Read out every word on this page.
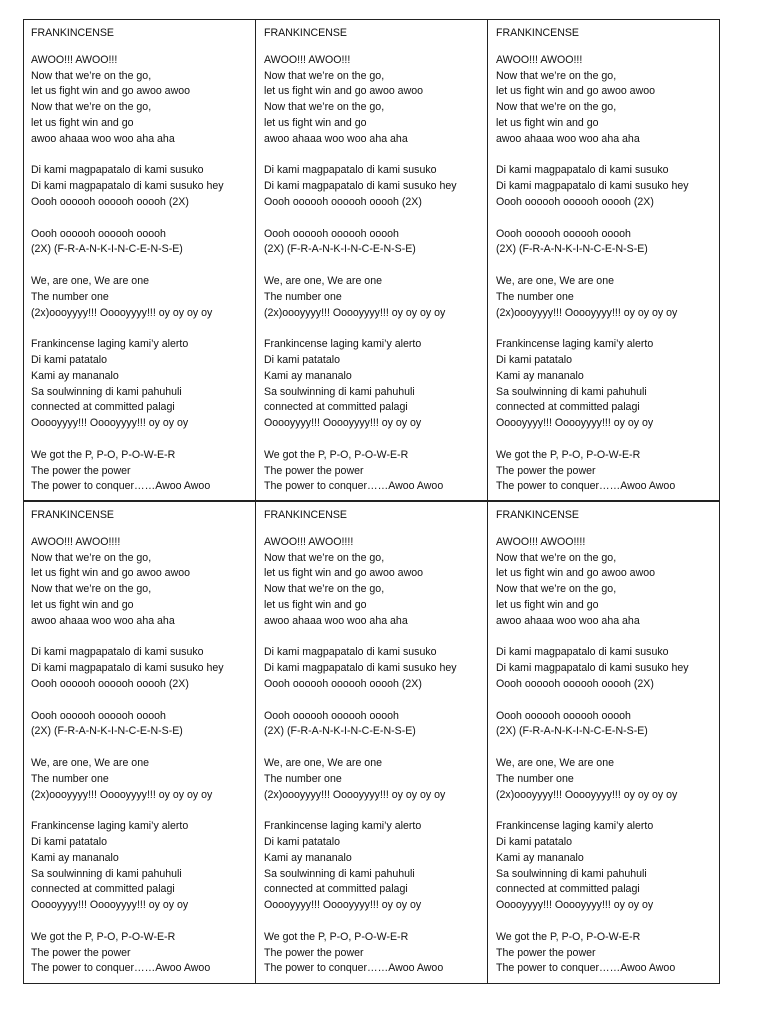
FRANKINCENSE
AWOO!!! AWOO!!!
Now that we’re on the go,
let us fight win and go awoo awoo
Now that we’re on the go,
let us fight win and go
awoo ahaaa woo woo aha aha
Di kami magpapatalo di kami susuko
Di kami magpapatalo di kami susuko hey
Oooh oooooh oooooh ooooh (2X)
Oooh oooooh oooooh ooooh
(2X) (F-R-A-N-K-I-N-C-E-N-S-E)
We, are one, We are one
The number one
(2x)oooyyyy!!! Ooooyyyy!!! oy oy oy oy
Frankincense laging kami’y alerto
Di kami patatalo
Kami ay mananalo
Sa soulwinning di kami pahuhuli
connected at committed palagi
Ooooyyyy!!! Ooooyyyy!!! oy oy oy
We got the P, P-O, P-O-W-E-R
The power the power
The power to conquer……Awoo Awoo
FRANKINCENSE
AWOO!!! AWOO!!!
Now that we’re on the go,
let us fight win and go awoo awoo
Now that we’re on the go,
let us fight win and go
awoo ahaaa woo woo aha aha
Di kami magpapatalo di kami susuko
Di kami magpapatalo di kami susuko hey
Oooh oooooh oooooh ooooh (2X)
Oooh oooooh oooooh ooooh
(2X) (F-R-A-N-K-I-N-C-E-N-S-E)
We, are one, We are one
The number one
(2x)oooyyyy!!! Ooooyyyy!!! oy oy oy oy
Frankincense laging kami’y alerto
Di kami patatalo
Kami ay mananalo
Sa soulwinning di kami pahuhuli
connected at committed palagi
Ooooyyyy!!! Ooooyyyy!!! oy oy oy
We got the P, P-O, P-O-W-E-R
The power the power
The power to conquer……Awoo Awoo
FRANKINCENSE
AWOO!!! AWOO!!!
Now that we’re on the go,
let us fight win and go awoo awoo
Now that we’re on the go,
let us fight win and go
awoo ahaaa woo woo aha aha
Di kami magpapatalo di kami susuko
Di kami magpapatalo di kami susuko hey
Oooh oooooh oooooh ooooh (2X)
Oooh oooooh oooooh ooooh
(2X) (F-R-A-N-K-I-N-C-E-N-S-E)
We, are one, We are one
The number one
(2x)oooyyyy!!! Ooooyyyy!!! oy oy oy oy
Frankincense laging kami’y alerto
Di kami patatalo
Kami ay mananalo
Sa soulwinning di kami pahuhuli
connected at committed palagi
Ooooyyyy!!! Ooooyyyy!!! oy oy oy
We got the P, P-O, P-O-W-E-R
The power the power
The power to conquer……Awoo Awoo
FRANKINCENSE
AWOO!!! AWOO!!!!
Now that we’re on the go,
let us fight win and go awoo awoo
Now that we’re on the go,
let us fight win and go
awoo ahaaa woo woo aha aha
Di kami magpapatalo di kami susuko
Di kami magpapatalo di kami susuko hey
Oooh oooooh oooooh ooooh (2X)
Oooh oooooh oooooh ooooh
(2X) (F-R-A-N-K-I-N-C-E-N-S-E)
We, are one, We are one
The number one
(2x)oooyyyy!!! Ooooyyyy!!! oy oy oy oy
Frankincense laging kami’y alerto
Di kami patatalo
Kami ay mananalo
Sa soulwinning di kami pahuhuli
connected at committed palagi
Ooooyyyy!!! Ooooyyyy!!! oy oy oy
We got the P, P-O, P-O-W-E-R
The power the power
The power to conquer……Awoo Awoo
FRANKINCENSE
AWOO!!! AWOO!!!!
Now that we’re on the go,
let us fight win and go awoo awoo
Now that we’re on the go,
let us fight win and go
awoo ahaaa woo woo aha aha
Di kami magpapatalo di kami susuko
Di kami magpapatalo di kami susuko hey
Oooh oooooh oooooh ooooh (2X)
Oooh oooooh oooooh ooooh
(2X) (F-R-A-N-K-I-N-C-E-N-S-E)
We, are one, We are one
The number one
(2x)oooyyyy!!! Ooooyyyy!!! oy oy oy oy
Frankincense laging kami’y alerto
Di kami patatalo
Kami ay mananalo
Sa soulwinning di kami pahuhuli
connected at committed palagi
Ooooyyyy!!! Ooooyyyy!!! oy oy oy
We got the P, P-O, P-O-W-E-R
The power the power
The power to conquer……Awoo Awoo
FRANKINCENSE
AWOO!!! AWOO!!!!
Now that we’re on the go,
let us fight win and go awoo awoo
Now that we’re on the go,
let us fight win and go
awoo ahaaa woo woo aha aha
Di kami magpapatalo di kami susuko
Di kami magpapatalo di kami susuko hey
Oooh oooooh oooooh ooooh (2X)
Oooh oooooh oooooh ooooh
(2X) (F-R-A-N-K-I-N-C-E-N-S-E)
We, are one, We are one
The number one
(2x)oooyyyy!!! Ooooyyyy!!! oy oy oy oy
Frankincense laging kami’y alerto
Di kami patatalo
Kami ay mananalo
Sa soulwinning di kami pahuhuli
connected at committed palagi
Ooooyyyy!!! Ooooyyyy!!! oy oy oy
We got the P, P-O, P-O-W-E-R
The power the power
The power to conquer……Awoo Awoo
